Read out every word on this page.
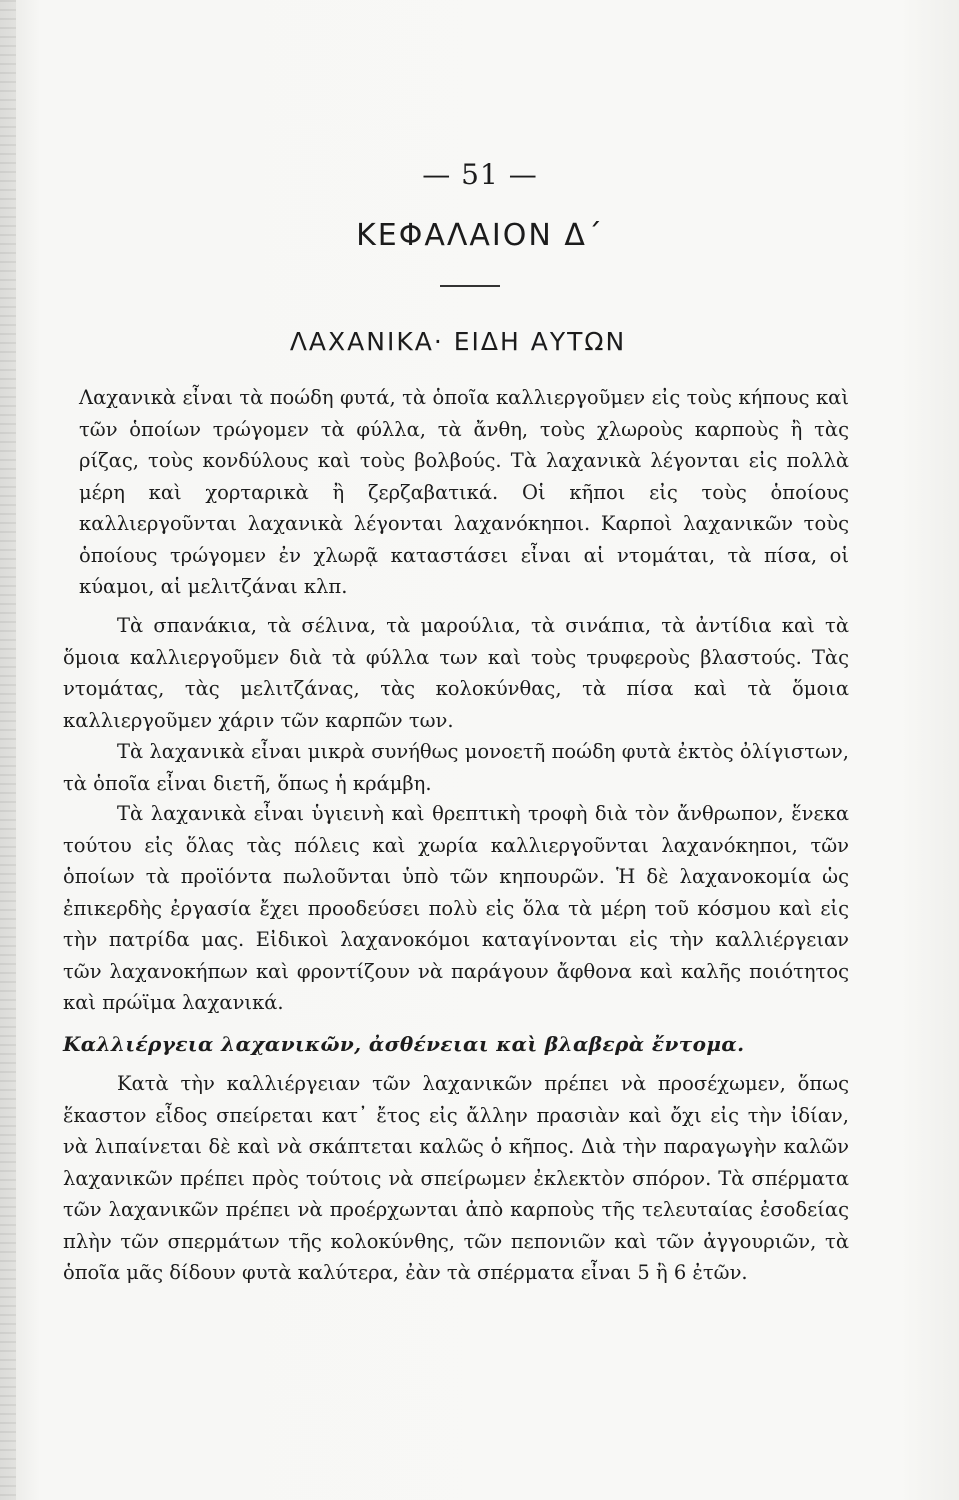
— 51 —
ΚΕΦΑΛΑΙΟΝ Δ΄
ΛΑΧΑΝΙΚΑ· ΕΙΔΗ ΑΥΤΩΝ

Λαχανικὰ εἶναι τὰ ποώδη φυτά, τὰ ὁποῖα καλλιεργοῦμεν εἰς τοὺς κήπους καὶ τῶν ὁποίων τρώγομεν τὰ φύλλα, τὰ ἄνθη, τοὺς χλωροὺς καρποὺς ἢ τὰς ρίζας, τοὺς κονδύλους καὶ τοὺς βολβούς. Τὰ λαχανικὰ λέγονται εἰς πολλὰ μέρη καὶ χορταρικὰ ἢ ζερζαβατικά. Οἱ κῆποι εἰς τοὺς ὁποίους καλλιεργοῦνται λαχανικὰ λέγονται λαχανόκηποι. Καρποὶ λαχανικῶν τοὺς ὁποίους τρώγομεν ἐν χλωρᾷ καταστάσει εἶναι αἱ ντομάται, τὰ πίσα, οἱ κύαμοι, αἱ μελιτζάναι κλπ.

Τὰ σπανάκια, τὰ σέλινα, τὰ μαρούλια, τὰ σινάπια, τὰ ἀντίδια καὶ τὰ ὅμοια καλλιεργοῦμεν διὰ τὰ φύλλα των καὶ τοὺς τρυφεροὺς βλαστούς. Τὰς ντομάτας, τὰς μελιτζάνας, τὰς κολοκύνθας, τὰ πίσα καὶ τὰ ὅμοια καλλιεργοῦμεν χάριν τῶν καρπῶν των.

Τὰ λαχανικὰ εἶναι μικρὰ συνήθως μονοετῆ ποώδη φυτὰ ἐκτὸς ὀλίγιστων, τὰ ὁποῖα εἶναι διετῆ, ὅπως ἡ κράμβη.

Τὰ λαχανικὰ εἶναι ὑγιεινὴ καὶ θρεπτικὴ τροφὴ διὰ τὸν ἄνθρωπον, ἕνεκα τούτου εἰς ὅλας τὰς πόλεις καὶ χωρία καλλιεργοῦνται λαχανόκηποι, τῶν ὁποίων τὰ προϊόντα πωλοῦνται ὑπὸ τῶν κηπουρῶν. Ἡ δὲ λαχανοκομία ὡς ἐπικερδὴς ἐργασία ἔχει προοδεύσει πολὺ εἰς ὅλα τὰ μέρη τοῦ κόσμου καὶ εἰς τὴν πατρίδα μας. Εἰδικοὶ λαχανοκόμοι καταγίνονται εἰς τὴν καλλιέργειαν τῶν λαχανοκήπων καὶ φροντίζουν νὰ παράγουν ἄφθονα καὶ καλῆς ποιότητος καὶ πρώϊμα λαχανικά.

Καλλιέργεια λαχανικῶν, ἀσθένειαι καὶ βλαβερὰ ἔντομα.

Κατὰ τὴν καλλιέργειαν τῶν λαχανικῶν πρέπει νὰ προσέχωμεν, ὅπως ἕκαστον εἶδος σπείρεται κατ᾽ ἔτος εἰς ἄλλην πρασιὰν καὶ ὄχι εἰς τὴν ἰδίαν, νὰ λιπαίνεται δὲ καὶ νὰ σκάπτεται καλῶς ὁ κῆπος. Διὰ τὴν παραγωγὴν καλῶν λαχανικῶν πρέπει πρὸς τούτοις νὰ σπείρωμεν ἐκλεκτὸν σπόρον. Τὰ σπέρματα τῶν λαχανικῶν πρέπει νὰ προέρχωνται ἀπὸ καρποὺς τῆς τελευταίας ἐσοδείας πλὴν τῶν σπερμάτων τῆς κολοκύνθης, τῶν πεπονιῶν καὶ τῶν ἀγγουριῶν, τὰ ὁποῖα μᾶς δίδουν φυτὰ καλύτερα, ἐὰν τὰ σπέρματα εἶναι 5 ἢ 6 ἐτῶν.
